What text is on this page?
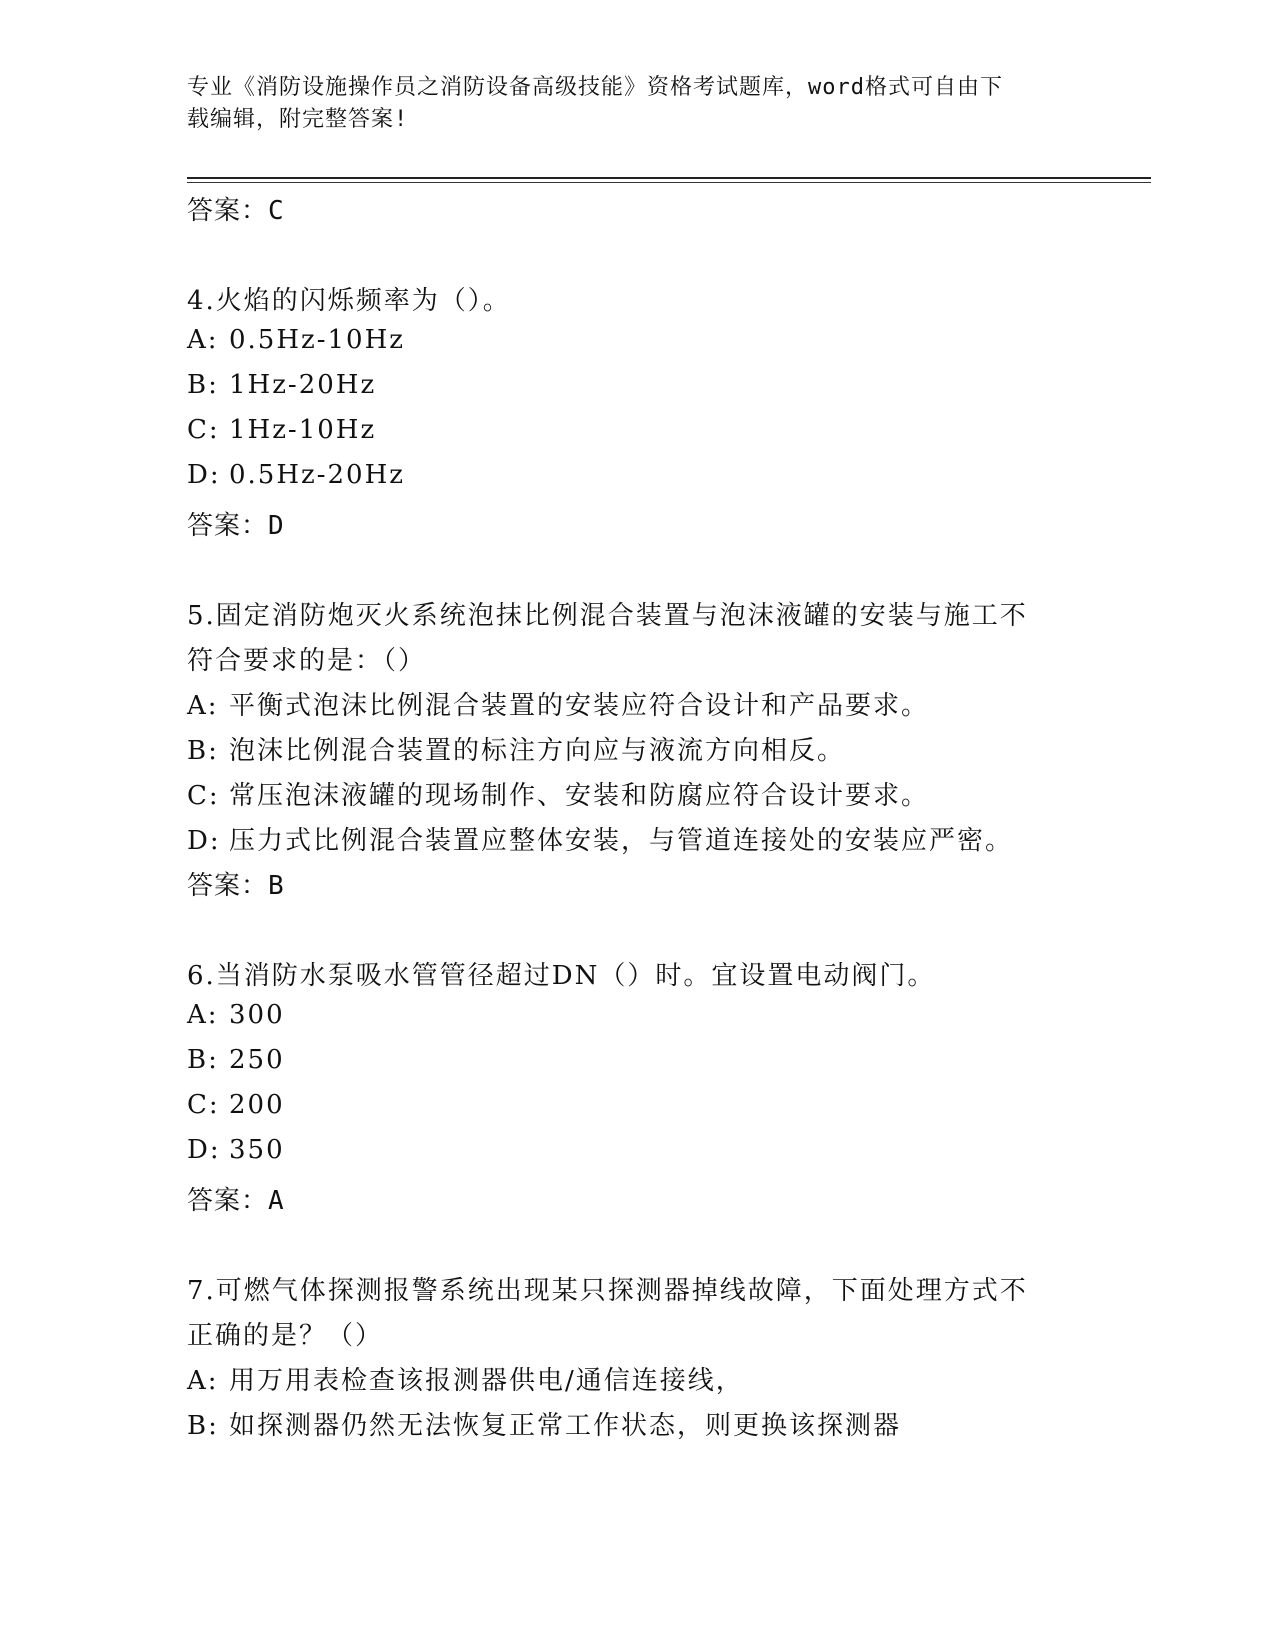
专业《消防设施操作员之消防设备高级技能》资格考试题库，word格式可自由下
载编辑，附完整答案!
答案：C
4.火焰的闪烁频率为（）。
A: 0.5Hz-10Hz
B: 1Hz-20Hz
C: 1Hz-10Hz
D: 0.5Hz-20Hz
答案：D
5.固定消防炮灭火系统泡抹比例混合装置与泡沫液罐的安装与施工不
符合要求的是：（）
A: 平衡式泡沫比例混合装置的安装应符合设计和产品要求。
B: 泡沫比例混合装置的标注方向应与液流方向相反。
C: 常压泡沫液罐的现场制作、安装和防腐应符合设计要求。
D: 压力式比例混合装置应整体安装，与管道连接处的安装应严密。
答案：B
6.当消防水泵吸水管管径超过DN（）时。宜设置电动阀门。
A: 300
B: 250
C: 200
D: 350
答案：A
7.可燃气体探测报警系统出现某只探测器掉线故障，下面处理方式不
正确的是？（）
A: 用万用表检查该报测器供电/通信连接线，
B: 如探测器仍然无法恢复正常工作状态，则更换该探测器
